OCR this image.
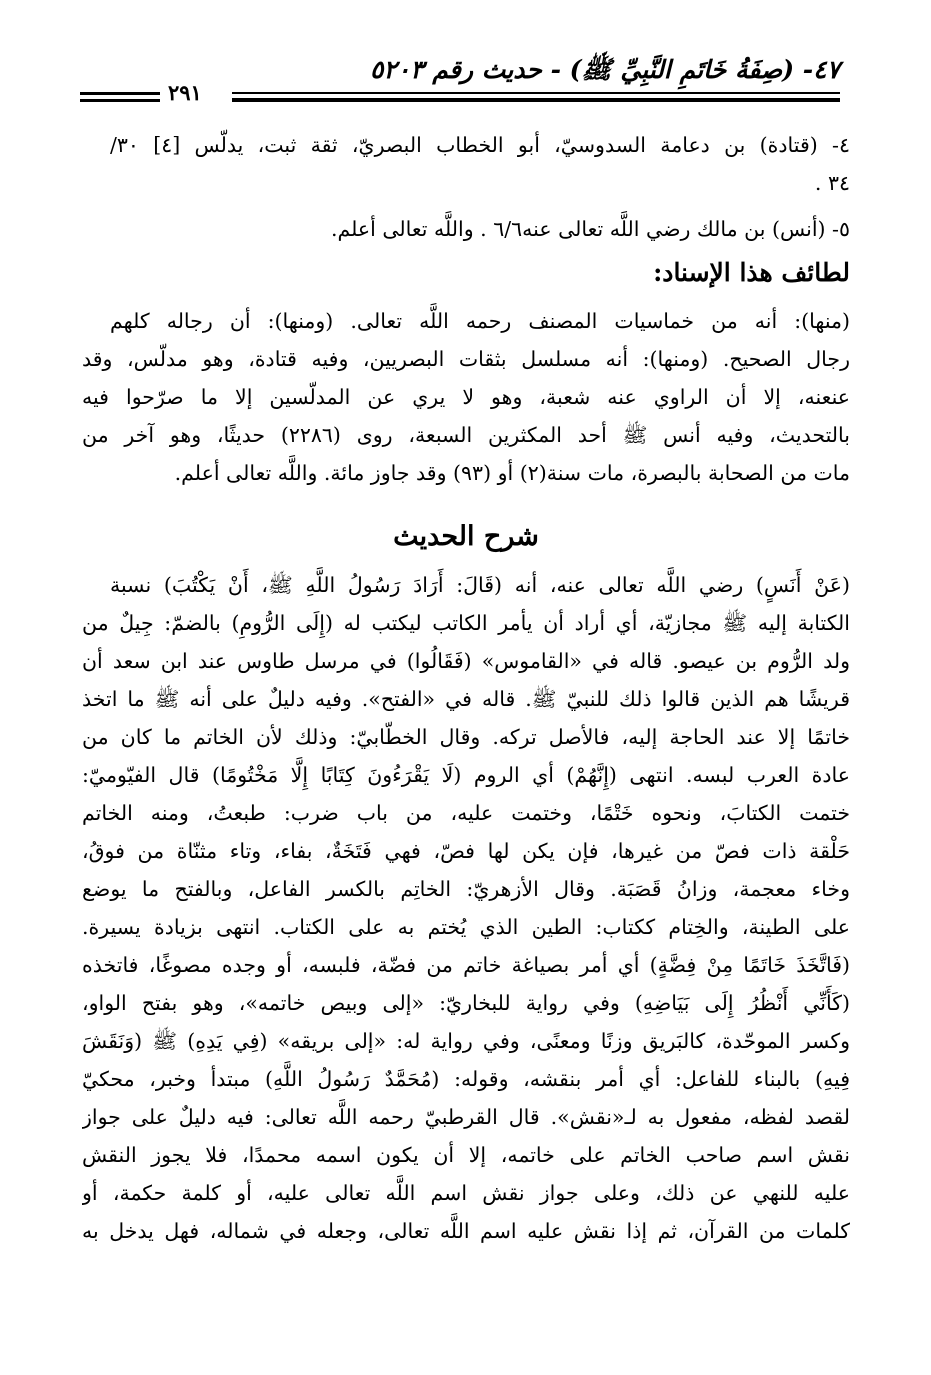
٤٧- (صِفَةُ خَاتَمِ النَّبِيِّ ﷺ) - حديث رقم ٥٢٠٣
٢٩١
٤- (قتادة) بن دعامة السدوسيّ، أبو الخطاب البصريّ، ثقة ثبت، يدلّس [٤] ٣٠/
٣٤ .
٥- (أنس) بن مالك رضي اللَّه تعالى عنه٦/٦ . واللَّه تعالى أعلم.
لطائف هذا الإسناد:
(منها): أنه من خماسيات المصنف رحمه اللَّه تعالى. (ومنها): أن رجاله كلهم
رجال الصحيح. (ومنها): أنه مسلسل بثقات البصريين، وفيه قتادة، وهو مدلّس، وقد
عنعنه، إلا أن الراوي عنه شعبة، وهو لا يري عن المدلّسين إلا ما صرّحوا فيه
بالتحديث، وفيه أنس ﷺ أحد المكثرين السبعة، روى (٢٢٨٦) حديثًا، وهو آخر من
مات من الصحابة بالبصرة، مات سنة(٢) أو (٩٣) وقد جاوز مائة. واللَّه تعالى أعلم.
شرح الحديث
(عَنْ أَنَسٍ) رضي اللَّه تعالى عنه، أنه (قَالَ: أَرَادَ رَسُولُ اللَّهِ ﷺ، أَنْ يَكْتُبَ) نسبة
الكتابة إليه ﷺ مجازيّة، أي أراد أن يأمر الكاتب ليكتب له (إِلَى الرُّومِ) بالضمّ: جِيلٌ من
ولد الرُّوم بن عيصو. قاله في «القاموس» (فَقَالُوا) في مرسل طاوس عند ابن سعد أن
قريشًا هم الذين قالوا ذلك للنبيّ ﷺ. قاله في «الفتح». وفيه دليلٌ على أنه ﷺ ما اتخذ
خاتمًا إلا عند الحاجة إليه، فالأصل تركه. وقال الخطّابيّ: وذلك لأن الخاتم ما كان من
عادة العرب لبسه. انتهى (إِنَّهُمْ) أي الروم (لَا يَقْرَءُونَ كِتَابًا إِلَّا مَخْتُومًا) قال الفيّوميّ:
ختمت الكتابَ، ونحوه خَتْمًا، وختمت عليه، من باب ضرب: طبعتُ، ومنه الخاتم
حَلْقة ذات فصّ من غيرها، فإن يكن لها فصّ، فهي فَتَخَةٌ، بفاء، وتاء مثنّاة من فوقُ،
وخاء معجمة، وزانُ قَصَبَة. وقال الأزهريّ: الخاتِم بالكسر الفاعل، وبالفتح ما يوضع
على الطينة، والخِتام ككتاب: الطين الذي يُختم به على الكتاب. انتهى بزيادة يسيرة.
(فَاتَّخَذَ خَاتَمًا مِنْ فِضَّةٍ) أي أمر بصياغة خاتم من فضّة، فلبسه، أو وجده مصوغًا، فاتخذه
(كَأَنِّي أَنْظُرُ إِلَى بَيَاضِهِ) وفي رواية للبخاريّ: «إلى وبيص خاتمه»، وهو بفتح الواو،
وكسر الموحّدة، كالبَريق وزنًا ومعنًى، وفي رواية له: «إلى بريقه» (فِي يَدِهِ) ﷺ (وَنَقَشَ
فِيهِ) بالبناء للفاعل: أي أمر بنقشه، وقوله: (مُحَمَّدٌ رَسُولُ اللَّهِ) مبتدأ وخبر، محكيّ
لقصد لفظه، مفعول به لـ«نقش». قال القرطبيّ رحمه اللَّه تعالى: فيه دليلٌ على جواز
نقش اسم صاحب الخاتم على خاتمه، إلا أن يكون اسمه محمدًا، فلا يجوز النقش
عليه للنهي عن ذلك، وعلى جواز نقش اسم اللَّه تعالى عليه، أو كلمة حكمة، أو
كلمات من القرآن، ثم إذا نقش عليه اسم اللَّه تعالى، وجعله في شماله، فهل يدخل به
